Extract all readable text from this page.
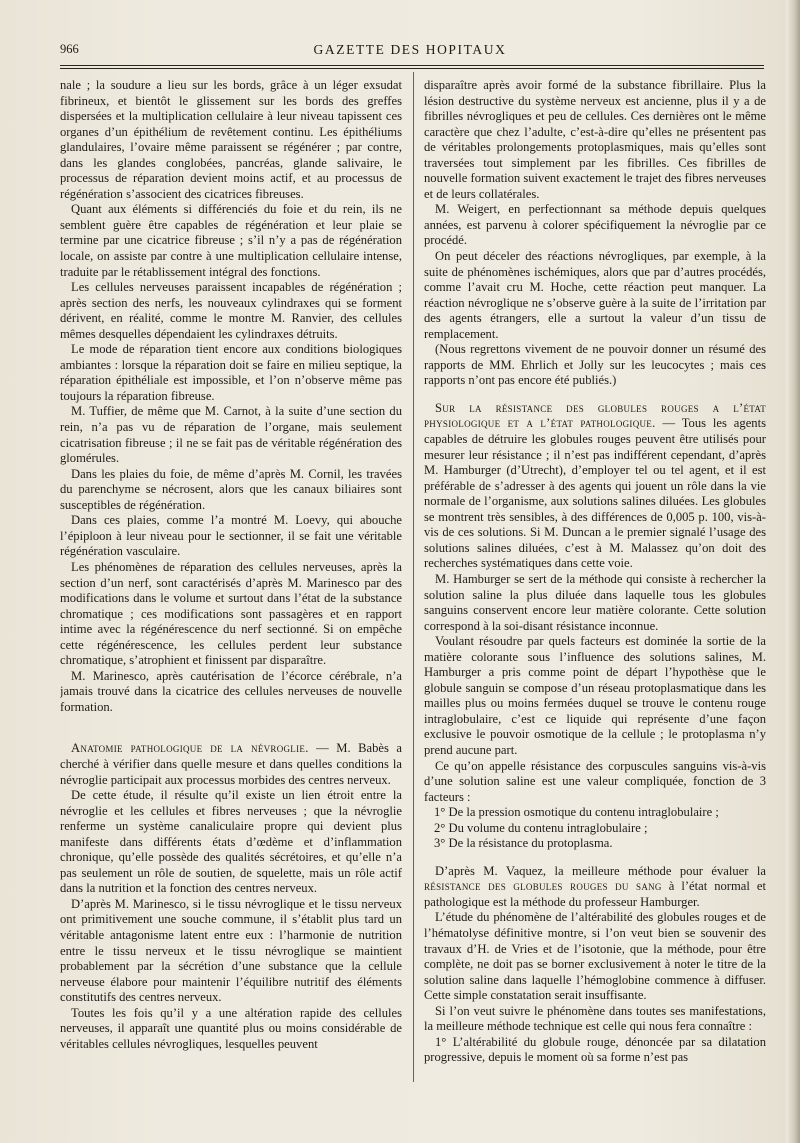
966	GAZETTE DES HOPITAUX

nale ; la soudure a lieu sur les bords, grâce à un léger exsudat fibrineux, et bientôt le glissement sur les bords des greffes dispersées et la multiplication cellulaire à leur niveau tapissent ces organes d’un épithélium de revêtement continu. Les épithéliums glandulaires, l’ovaire même paraissent se régénérer ; par contre, dans les glandes conglobées, pancréas, glande salivaire, le processus de réparation devient moins actif, et au processus de régénération s’associent des cicatrices fibreuses.

Quant aux éléments si différenciés du foie et du rein, ils ne semblent guère être capables de régénération et leur plaie se termine par une cicatrice fibreuse ; s’il n’y a pas de régénération locale, on assiste par contre à une multiplication cellulaire intense, traduite par le rétablissement intégral des fonctions.

Les cellules nerveuses paraissent incapables de régénération ; après section des nerfs, les nouveaux cylindraxes qui se forment dérivent, en réalité, comme le montre M. Ranvier, des cellules mêmes desquelles dépendaient les cylindraxes détruits.

Le mode de réparation tient encore aux conditions biologiques ambiantes : lorsque la réparation doit se faire en milieu septique, la réparation épithéliale est impossible, et l’on n’observe même pas toujours la réparation fibreuse.

M. Tuffier, de même que M. Carnot, à la suite d’une section du rein, n’a pas vu de réparation de l’organe, mais seulement cicatrisation fibreuse ; il ne se fait pas de véritable régénération des glomérules.

Dans les plaies du foie, de même d’après M. Cornil, les travées du parenchyme se nécrosent, alors que les canaux biliaires sont susceptibles de régénération.

Dans ces plaies, comme l’a montré M. Loevy, qui abouche l’épiploon à leur niveau pour le sectionner, il se fait une véritable régénération vasculaire.

Les phénomènes de réparation des cellules nerveuses, après la section d’un nerf, sont caractérisés d’après M. Marinesco par des modifications dans le volume et surtout dans l’état de la substance chromatique ; ces modifications sont passagères et en rapport intime avec la régénérescence du nerf sectionné. Si on empêche cette régénérescence, les cellules perdent leur substance chromatique, s’atrophient et finissent par disparaître.

M. Marinesco, après cautérisation de l’écorce cérébrale, n’a jamais trouvé dans la cicatrice des cellules nerveuses de nouvelle formation.

Anatomie pathologique de la névroglie. — M. Babès a cherché à vérifier dans quelle mesure et dans quelles conditions la névroglie participait aux processus morbides des centres nerveux.

De cette étude, il résulte qu’il existe un lien étroit entre la névroglie et les cellules et fibres nerveuses ; que la névroglie renferme un système canaliculaire propre qui devient plus manifeste dans différents états d’œdème et d’inflammation chronique, qu’elle possède des qualités sécrétoires, et qu’elle n’a pas seulement un rôle de soutien, de squelette, mais un rôle actif dans la nutrition et la fonction des centres nerveux.

D’après M. Marinesco, si le tissu névroglique et le tissu nerveux ont primitivement une souche commune, il s’établit plus tard un véritable antagonisme latent entre eux : l’harmonie de nutrition entre le tissu nerveux et le tissu névroglique se maintient probablement par la sécrétion d’une substance que la cellule nerveuse élabore pour maintenir l’équilibre nutritif des éléments constitutifs des centres nerveux.

Toutes les fois qu’il y a une altération rapide des cellules nerveuses, il apparaît une quantité plus ou moins considérable de véritables cellules névrogliques, lesquelles peuvent

disparaître après avoir formé de la substance fibrillaire. Plus la lésion destructive du système nerveux est ancienne, plus il y a de fibrilles névrogliques et peu de cellules. Ces dernières ont le même caractère que chez l’adulte, c’est-à-dire qu’elles ne présentent pas de véritables prolongements protoplasmiques, mais qu’elles sont traversées tout simplement par les fibrilles. Ces fibrilles de nouvelle formation suivent exactement le trajet des fibres nerveuses et de leurs collatérales.

M. Weigert, en perfectionnant sa méthode depuis quelques années, est parvenu à colorer spécifiquement la névroglie par ce procédé.

On peut déceler des réactions névrogliques, par exemple, à la suite de phénomènes ischémiques, alors que par d’autres procédés, comme l’avait cru M. Hoche, cette réaction peut manquer. La réaction névroglique ne s’observe guère à la suite de l’irritation par des agents étrangers, elle a surtout la valeur d’un tissu de remplacement.

(Nous regrettons vivement de ne pouvoir donner un résumé des rapports de MM. Ehrlich et Jolly sur les leucocytes ; mais ces rapports n’ont pas encore été publiés.)

Sur la résistance des globules rouges a l’état physiologique et a l’état pathologique. — Tous les agents capables de détruire les globules rouges peuvent être utilisés pour mesurer leur résistance ; il n’est pas indifférent cependant, d’après M. Hamburger (d’Utrecht), d’employer tel ou tel agent, et il est préférable de s’adresser à des agents qui jouent un rôle dans la vie normale de l’organisme, aux solutions salines diluées. Les globules se montrent très sensibles, à des différences de 0,005 p. 100, vis-à-vis de ces solutions. Si M. Duncan a le premier signalé l’usage des solutions salines diluées, c’est à M. Malassez qu’on doit des recherches systématiques dans cette voie.

M. Hamburger se sert de la méthode qui consiste à rechercher la solution saline la plus diluée dans laquelle tous les globules sanguins conservent encore leur matière colorante. Cette solution correspond à la soi-disant résistance inconnue.

Voulant résoudre par quels facteurs est dominée la sortie de la matière colorante sous l’influence des solutions salines, M. Hamburger a pris comme point de départ l’hypothèse que le globule sanguin se compose d’un réseau protoplasmatique dans les mailles plus ou moins fermées duquel se trouve le contenu rouge intraglobulaire, c’est ce liquide qui représente d’une façon exclusive le pouvoir osmotique de la cellule ; le protoplasma n’y prend aucune part.

Ce qu’on appelle résistance des corpuscules sanguins vis-à-vis d’une solution saline est une valeur compliquée, fonction de 3 facteurs :

1° De la pression osmotique du contenu intraglobulaire ;

2° Du volume du contenu intraglobulaire ;

3° De la résistance du protoplasma.

D’après M. Vaquez, la meilleure méthode pour évaluer la résistance des globules rouges du sang à l’état normal et pathologique est la méthode du professeur Hamburger.

L’étude du phénomène de l’altérabilité des globules rouges et de l’hématolyse définitive montre, si l’on veut bien se souvenir des travaux d’H. de Vries et de l’isotonie, que la méthode, pour être complète, ne doit pas se borner exclusivement à noter le titre de la solution saline dans laquelle l’hémoglobine commence à diffuser. Cette simple constatation serait insuffisante.

Si l’on veut suivre le phénomène dans toutes ses manifestations, la meilleure méthode technique est celle qui nous fera connaître :

1° L’altérabilité du globule rouge, dénoncée par sa dilatation progressive, depuis le moment où sa forme n’est pas
